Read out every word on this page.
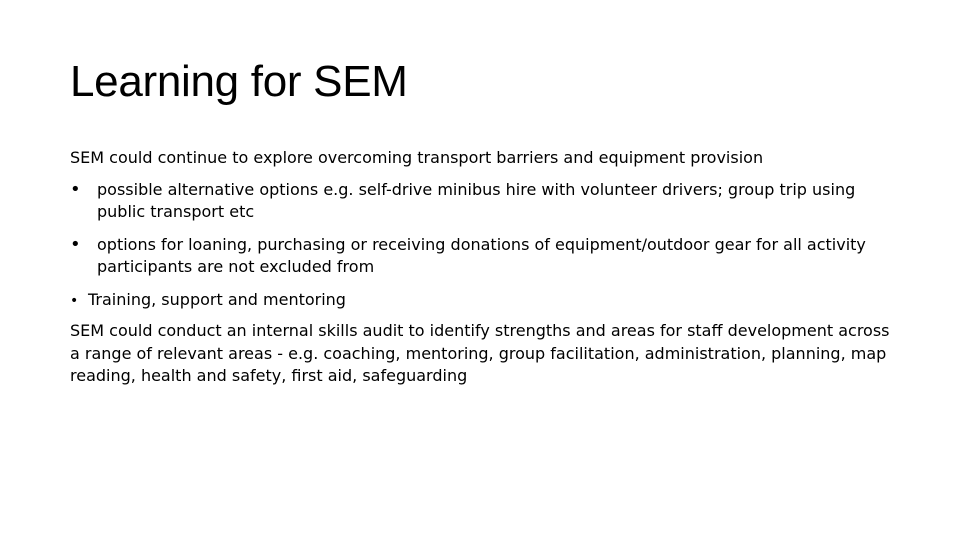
Learning for SEM

SEM could continue to explore overcoming transport barriers and equipment provision

• possible alternative options e.g. self-drive minibus hire with volunteer drivers; group trip using public transport etc
• options for loaning, purchasing or receiving donations of equipment/outdoor gear for all activity participants are not excluded from

• Training, support and mentoring

SEM could conduct an internal skills audit to identify strengths and areas for staff development across a range of relevant areas - e.g. coaching, mentoring, group facilitation, administration, planning, map reading, health and safety, first aid, safeguarding
